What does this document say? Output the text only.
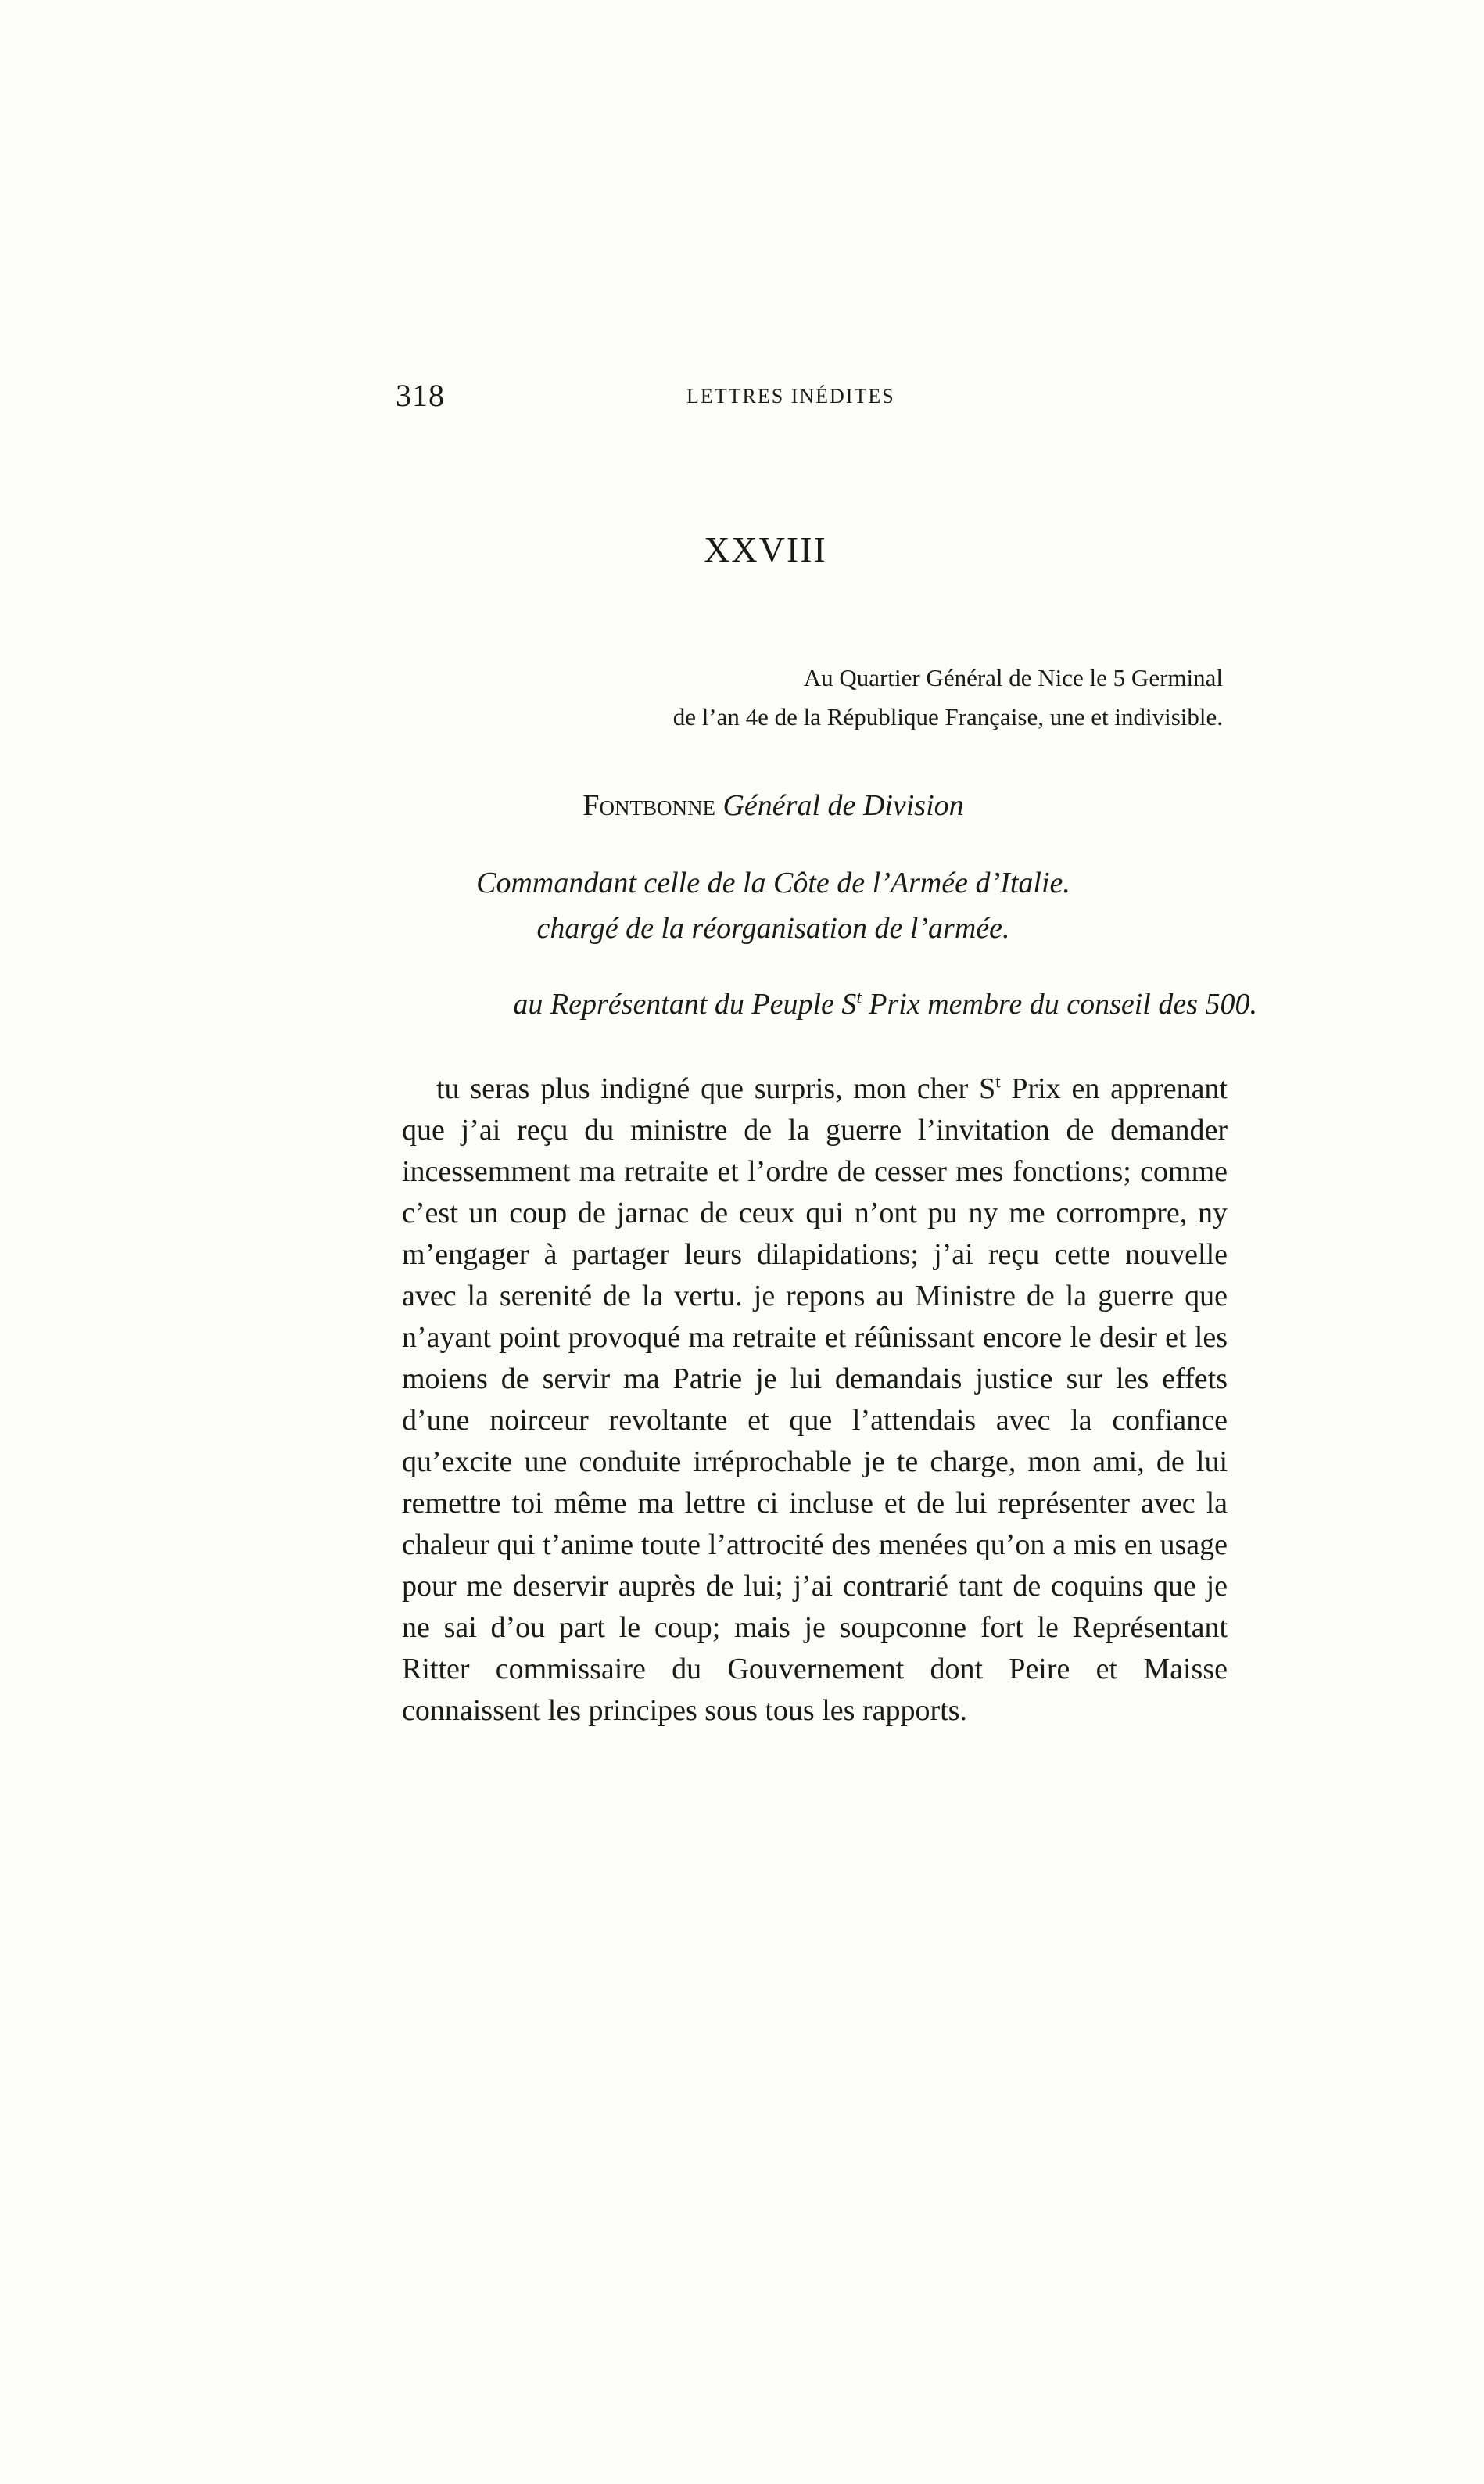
318	LETTRES INÉDITES
XXVIII
Au Quartier Général de Nice le 5 Germinal
de l’an 4e de la République Française, une et indivisible.
Fontbonne Général de Division
Commandant celle de la Côte de l’Armée d’Italie.
chargé de la réorganisation de l’armée.
au Représentant du Peuple $S^t$ Prix membre du conseil des 500.

tu seras plus indigné que surpris, mon cher $S^t$ Prix en apprenant que j’ai reçu du ministre de la guerre l’invitation de demander incessemment ma retraite et l’ordre de cesser mes fonctions; comme c’est un coup de jarnac de ceux qui n’ont pu ny me corrompre, ny m’engager à partager leurs dilapidations; j’ai reçu cette nouvelle avec la serenité de la vertu. je repons au Ministre de la guerre que n’ayant point provoqué ma retraite et réûnissant encore le desir et les moiens de servir ma Patrie je lui demandais justice sur les effets d’une noirceur revoltante et que l’attendais avec la confiance qu’excite une conduite irréprochable je te charge, mon ami, de lui remettre toi même ma lettre ci incluse et de lui représenter avec la chaleur qui t’anime toute l’attrocité des menées qu’on a mis en usage pour me deservir auprès de lui; j’ai contrarié tant de coquins que je ne sai d’ou part le coup; mais je soupconne fort le Représentant Ritter commissaire du Gouvernement dont Peire et Maisse connaissent les principes sous tous les rapports.
